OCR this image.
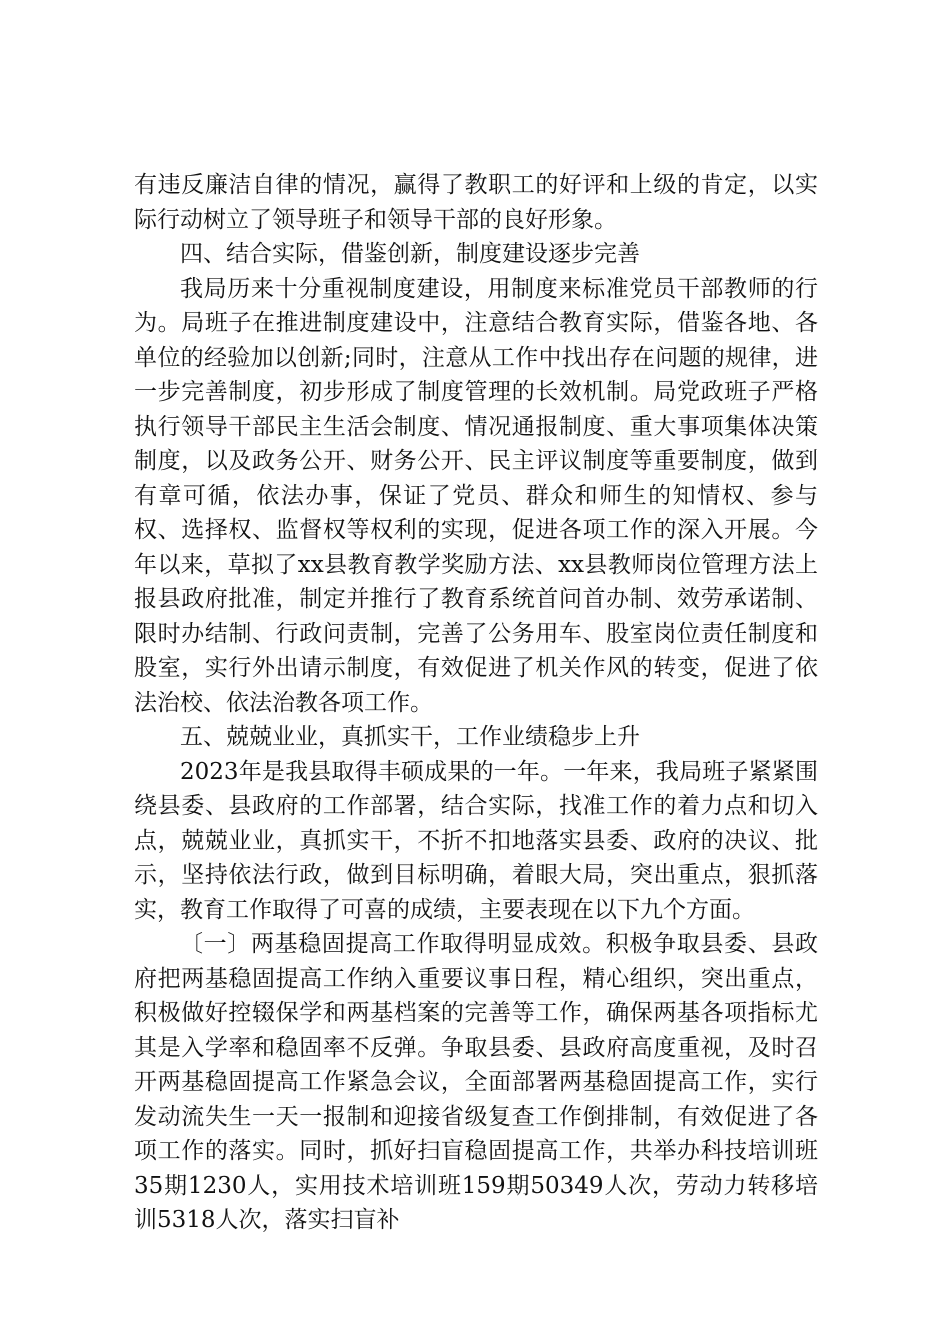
有违反廉洁自律的情况，赢得了教职工的好评和上级的肯定，以实际行动树立了领导班子和领导干部的良好形象。

四、结合实际，借鉴创新，制度建设逐步完善

我局历来十分重视制度建设，用制度来标准党员干部教师的行为。局班子在推进制度建设中，注意结合教育实际，借鉴各地、各单位的经验加以创新;同时，注意从工作中找出存在问题的规律，进一步完善制度，初步形成了制度管理的长效机制。局党政班子严格执行领导干部民主生活会制度、情况通报制度、重大事项集体决策制度，以及政务公开、财务公开、民主评议制度等重要制度，做到有章可循，依法办事，保证了党员、群众和师生的知情权、参与权、选择权、监督权等权利的实现，促进各项工作的深入开展。今年以来，草拟了xx县教育教学奖励方法、xx县教师岗位管理方法上报县政府批准，制定并推行了教育系统首问首办制、效劳承诺制、限时办结制、行政问责制，完善了公务用车、股室岗位责任制度和股室，实行外出请示制度，有效促进了机关作风的转变，促进了依法治校、依法治教各项工作。

五、兢兢业业，真抓实干，工作业绩稳步上升

2023年是我县取得丰硕成果的一年。一年来，我局班子紧紧围绕县委、县政府的工作部署，结合实际，找准工作的着力点和切入点，兢兢业业，真抓实干，不折不扣地落实县委、政府的决议、批示，坚持依法行政，做到目标明确，着眼大局，突出重点，狠抓落实，教育工作取得了可喜的成绩，主要表现在以下九个方面。

〔一〕两基稳固提高工作取得明显成效。积极争取县委、县政府把两基稳固提高工作纳入重要议事日程，精心组织，突出重点，积极做好控辍保学和两基档案的完善等工作，确保两基各项指标尤其是入学率和稳固率不反弹。争取县委、县政府高度重视，及时召开两基稳固提高工作紧急会议，全面部署两基稳固提高工作，实行发动流失生一天一报制和迎接省级复查工作倒排制，有效促进了各项工作的落实。同时，抓好扫盲稳固提高工作，共举办科技培训班35期1230人，实用技术培训班159期50349人次，劳动力转移培训5318人次，落实扫盲补
